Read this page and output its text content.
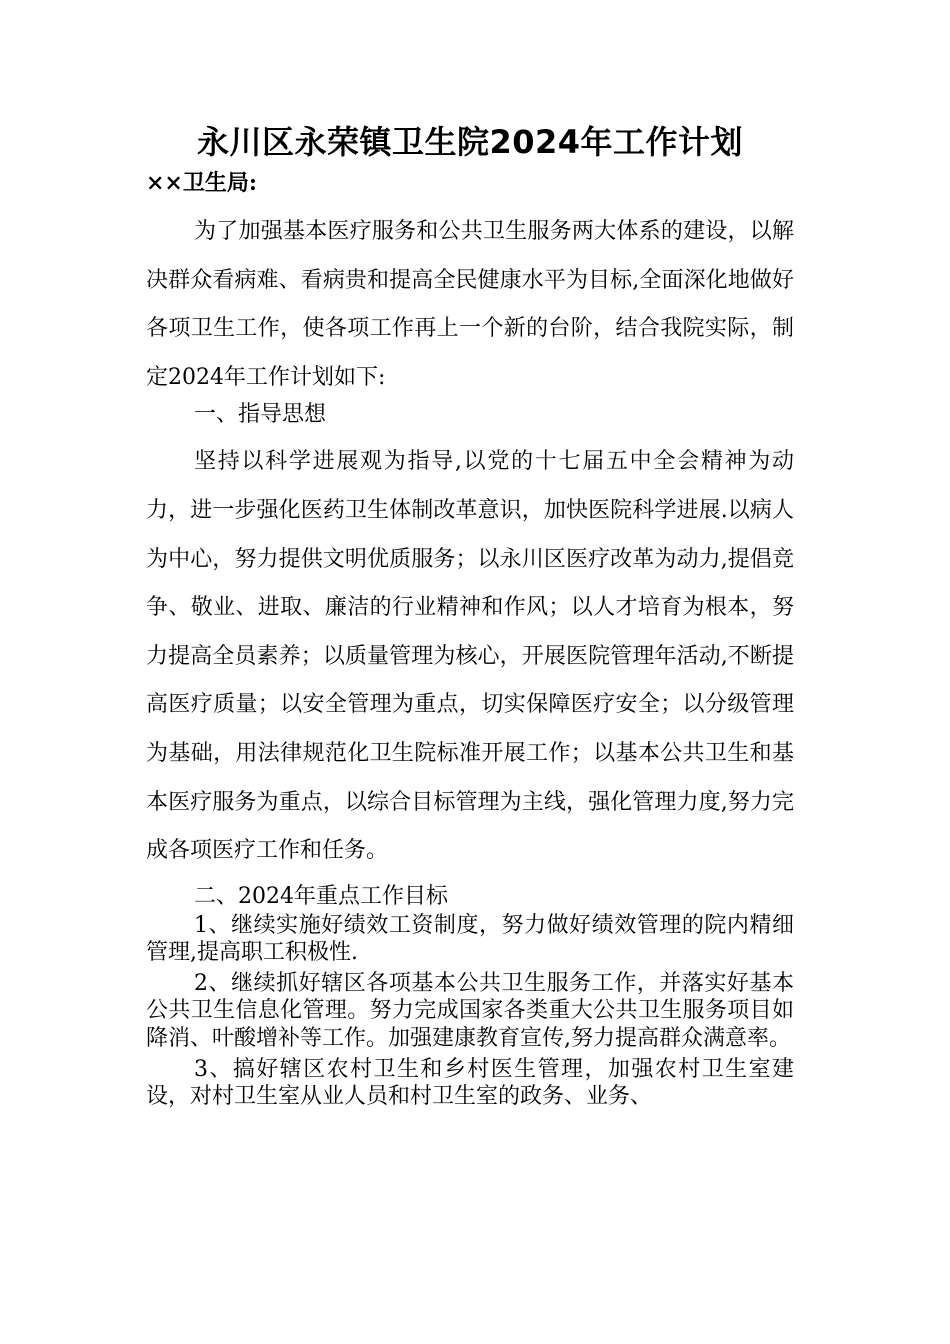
永川区永荣镇卫生院2024年工作计划
××卫生局:

为了加强基本医疗服务和公共卫生服务两大体系的建设，以解决群众看病难、看病贵和提高全民健康水平为目标,全面深化地做好各项卫生工作，使各项工作再上一个新的台阶，结合我院实际，制定2024年工作计划如下:

一、指导思想

坚持以科学进展观为指导,以党的十七届五中全会精神为动力，进一步强化医药卫生体制改革意识，加快医院科学进展.以病人为中心，努力提供文明优质服务；以永川区医疗改革为动力,提倡竞争、敬业、进取、廉洁的行业精神和作风；以人才培育为根本，努力提高全员素养；以质量管理为核心，开展医院管理年活动,不断提高医疗质量；以安全管理为重点，切实保障医疗安全；以分级管理为基础，用法律规范化卫生院标准开展工作；以基本公共卫生和基本医疗服务为重点，以综合目标管理为主线，强化管理力度,努力完成各项医疗工作和任务。

二、2024年重点工作目标

1、继续实施好绩效工资制度，努力做好绩效管理的院内精细管理,提高职工积极性.

2、继续抓好辖区各项基本公共卫生服务工作，并落实好基本公共卫生信息化管理。努力完成国家各类重大公共卫生服务项目如降消、叶酸增补等工作。加强建康教育宣传,努力提高群众满意率。

3、搞好辖区农村卫生和乡村医生管理，加强农村卫生室建设，对村卫生室从业人员和村卫生室的政务、业务、
